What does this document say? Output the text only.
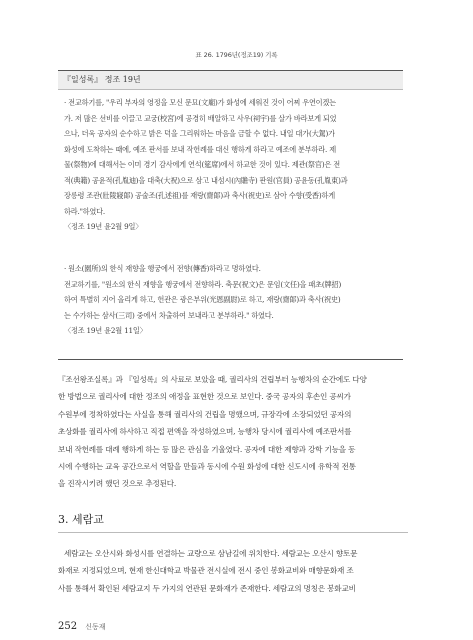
표 26. 1796년(정조19) 기록
『일성록』 정조 19년
· 전교하기를, "우리 부자의 영정을 모신 문묘(文廟)가 화성에 세워진 것이 어찌 우연이겠는
가. 저 많은 선비를 이끌고 교궁(校宮)에 공경히 배알하고 사우(祠宇)를 살가 바라보게 되었
으나, 더욱 공자의 순수하고 밝은 덕을 그리워하는 마음을 금할 수 없다. 내일 대가(大駕)가
화성에 도착하는 때에, 예조 판서를 보내 작헌례를 대신 행하게 하라고 예조에 분부하라. 제
물(祭物)에 대해서는 이미 경기 감사에게 연석(筵席)에서 하교한 것이 있다. 제관(祭官)은 전
적(典籍) 공윤적(孔胤迪)을 대축(大祝)으로 삼고 내섬시(內贍寺) 판원(官員) 공윤동(孔胤東)과
장릉령 조관(壯陵寢郞) 공술조(孔述祖)를 재랑(齋郞)과 축사(祝史)로 삼아 수향(受香)하게
하라."하였다.
〈정조 19년 윤2월 9일〉
· 원소(園所)의 한식 재향을 행궁에서 전향(傳香)하라고 명하였다.
전교하기를, "원소의 한식 재향을 행궁에서 전향하라. 축문(祝文)은 문임(文任)을 패초(牌招)
하여 특별히 지어 올리게 하고, 헌관은 광은부위(光恩副尉)로 하고, 재랑(齋郞)과 축사(祝史)
는 수가하는 삼사(三司) 중에서 차출하여 보내라고 분부하라." 하였다.
〈정조 19년 윤2월 11일〉
『조선왕조실록』과 『일성록』의 사료로 보았을 때, 궐리사의 건립부터 능행차의 순간에도 다양
한 방법으로 궐리사에 대한 정조의 애정을 표현한 것으로 보인다. 중국 공자의 후손인 공씨가
수원부에 정착하였다는 사실을 통해 궐리사의 건립을 명했으며, 규장각에 소장되었던 공자의
초상화를 궐리사에 하사하고 직접 편액을 작성하였으며, 능행차 당시에 궐리사에 예조판서를
보내 작헌례를 대례 행하게 하는 등 많은 관심을 기울였다. 공자에 대한 제향과 강학 기능을 동
시에 수행하는 교육 공간으로서 역할을 만들과 동시에 수원 화성에 대한 신도시에 유학적 전통
을 진작시키려 했던 것으로 추정된다.
3. 세람교
세람교는 오산시와 화성시를 연결하는 교량으로 삼남길에 위치한다. 세람교는 오산시 향토문
화재로 지정되었으며, 현재 한신대학교 박물관 전시실에 전시 중인 봉화교비와 매향문화재 조
사를 통해서 확인된 세람교지 두 가지의 연관된 문화재가 존재한다. 세람교의 명칭은 봉화교비
252 신동재
